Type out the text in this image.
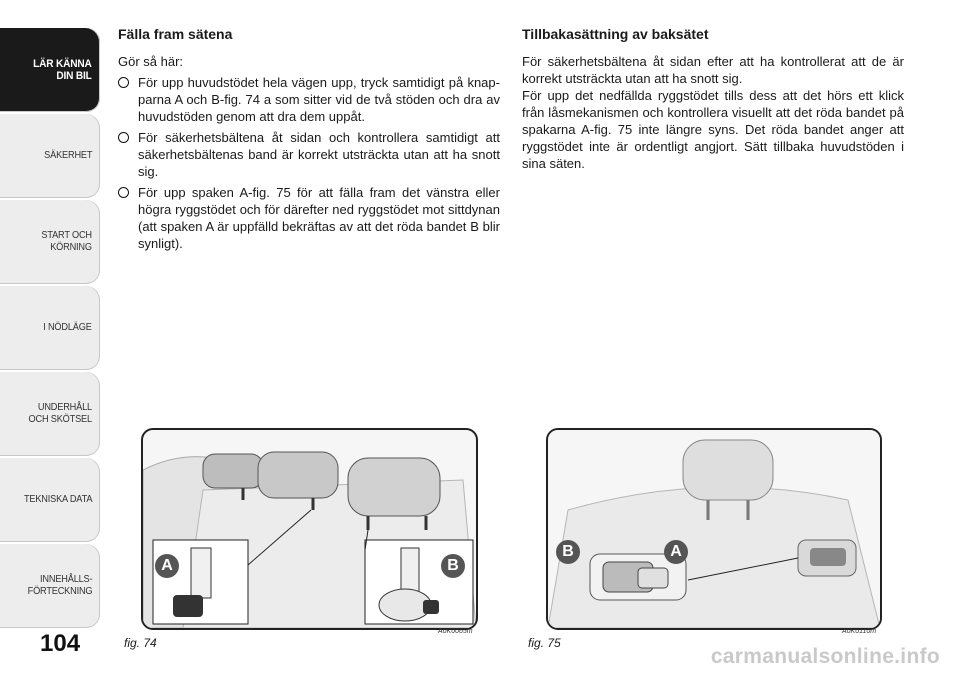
LÄR KÄNNA
DIN BIL
SÄKERHET
START OCH
KÖRNING
I NÖDLÄGE
UNDERHÅLL
OCH SKÖTSEL
TEKNISKA DATA
INNEHÅLLS-
FÖRTECKNING
104
Fälla fram sätena

Gör så här:

För upp huvudstödet hela vägen upp, tryck samtidigt på knapparna A och B-fig. 74 a som sitter vid de två stöden och dra av huvudstöden genom att dra dem uppåt.
För säkerhetsbältena åt sidan och kontrollera samtidigt att säkerhetsbältenas band är korrekt utsträckta utan att ha snott sig.
För upp spaken A-fig. 75 för att fälla fram det vänstra eller högra ryggstödet och för därefter ned ryggstödet mot sittdynan (att spaken A är uppfälld bekräftas av att det röda bandet B blir synligt).
Tillbakasättning av baksätet

För säkerhetsbältena åt sidan efter att ha kontrollerat att de är korrekt utsträckta utan att ha snott sig.

För upp det nedfällda ryggstödet tills dess att det hörs ett klick från låsmekanismen och kontrollera visuellt att det röda bandet på spakarna A-fig. 75 inte längre syns. Det röda bandet anger att ryggstödet inte är ordentligt angjort. Sätt tillbaka huvudstöden i sina säten.

A	B
fig. 74
A0K0065m
B	A
fig. 75
A0K0110m
carmanualsonline.info
